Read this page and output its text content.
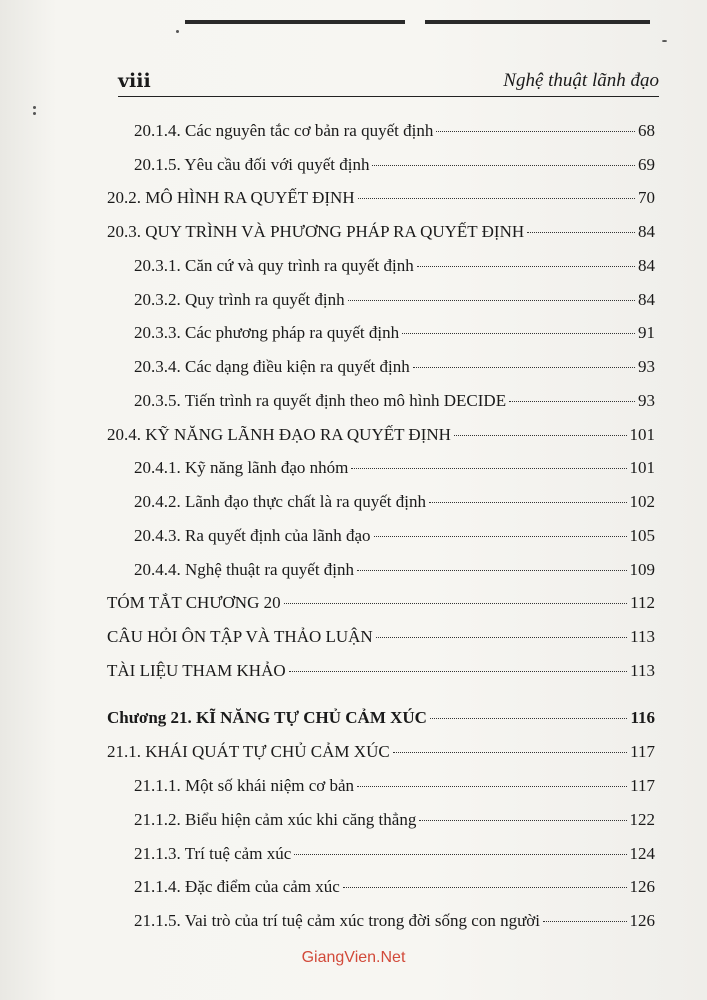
viii	Nghệ thuật lãnh đạo
20.1.4. Các nguyên tắc cơ bản ra quyết định	68
20.1.5. Yêu cầu đối với quyết định	69
20.2. MÔ HÌNH RA QUYẾT ĐỊNH	70
20.3. QUY TRÌNH VÀ PHƯƠNG PHÁP RA QUYẾT ĐỊNH	84
20.3.1. Căn cứ và quy trình ra quyết định	84
20.3.2. Quy trình ra quyết định	84
20.3.3. Các phương pháp ra quyết định	91
20.3.4. Các dạng điều kiện ra quyết định	93
20.3.5. Tiến trình ra quyết định theo mô hình DECIDE	93
20.4. KỸ NĂNG LÃNH ĐẠO RA QUYẾT ĐỊNH	101
20.4.1. Kỹ năng lãnh đạo nhóm	101
20.4.2. Lãnh đạo thực chất là ra quyết định	102
20.4.3. Ra quyết định của lãnh đạo	105
20.4.4. Nghệ thuật ra quyết định	109
TÓM TẮT CHƯƠNG 20	112
CÂU HỎI ÔN TẬP VÀ THẢO LUẬN	113
TÀI LIỆU THAM KHẢO	113
Chương 21. KĨ NĂNG TỰ CHỦ CẢM XÚC	116
21.1. KHÁI QUÁT TỰ CHỦ CẢM XÚC	117
21.1.1. Một số khái niệm cơ bản	117
21.1.2. Biểu hiện cảm xúc khi căng thẳng	122
21.1.3. Trí tuệ cảm xúc	124
21.1.4. Đặc điểm của cảm xúc	126
21.1.5. Vai trò của trí tuệ cảm xúc trong đời sống con người	126
GiangVien.Net
